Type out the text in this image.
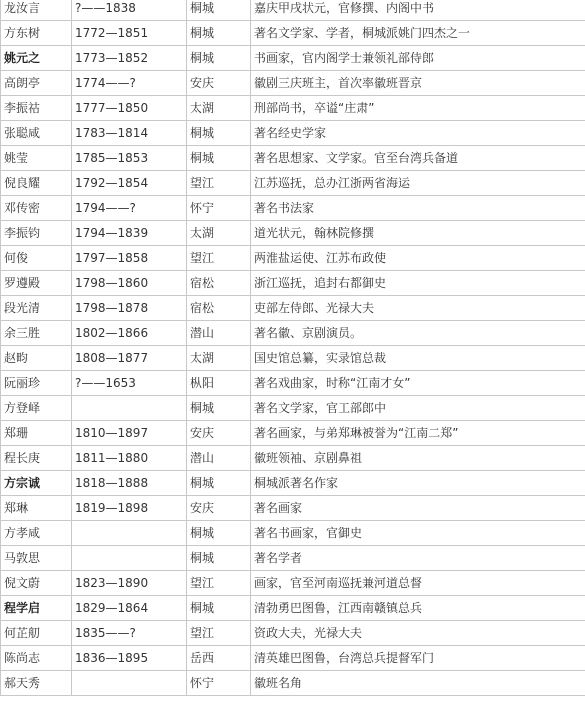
龙汝言	?——1838	桐城	嘉庆甲戌状元，官修撰、内阁中书
方东树	1772—1851	桐城	著名文学家、学者，桐城派姚门四杰之一
姚元之	1773—1852	桐城	书画家，官内阁学士兼领礼部侍郎
高朗亭	1774——?	安庆	徽剧三庆班主，首次率徽班晋京
李振祜	1777—1850	太湖	刑部尚书，卒谥“庄肃”
张聪咸	1783—1814	桐城	著名经史学家
姚莹	1785—1853	桐城	著名思想家、文学家。官至台湾兵备道
倪良耀	1792—1854	望江	江苏巡抚，总办江浙两省海运
邓传密	1794——?	怀宁	著名书法家
李振钧	1794—1839	太湖	道光状元，翰林院修撰
何俊	1797—1858	望江	两淮盐运使、江苏布政使
罗遵殿	1798—1860	宿松	浙江巡抚，追封右都御史
段光清	1798—1878	宿松	吏部左侍郎、光禄大夫
余三胜	1802—1866	潜山	著名徽、京剧演员。
赵畇	1808—1877	太湖	国史馆总纂，实录馆总裁
阮丽珍	?——1653	枞阳	著名戏曲家，时称“江南才女”
方登峄		桐城	著名文学家，官工部郎中
郑珊	1810—1897	安庆	著名画家，与弟郑琳被誉为“江南二郑”
程长庚	1811—1880	潜山	徽班领袖、京剧鼻祖
方宗诚	1818—1888	桐城	桐城派著名作家
郑琳	1819—1898	安庆	著名画家
方孝咸		桐城	著名书画家，官御史
马敦思		桐城	著名学者
倪文蔚	1823—1890	望江	画家，官至河南巡抚兼河道总督
程学启	1829—1864	桐城	清勃勇巴图鲁，江西南赣镇总兵
何芷舠	1835——?	望江	资政大夫，光禄大夫
陈尚志	1836—1895	岳西	清英雄巴图鲁，台湾总兵提督军门
郝天秀		怀宁	徽班名角
